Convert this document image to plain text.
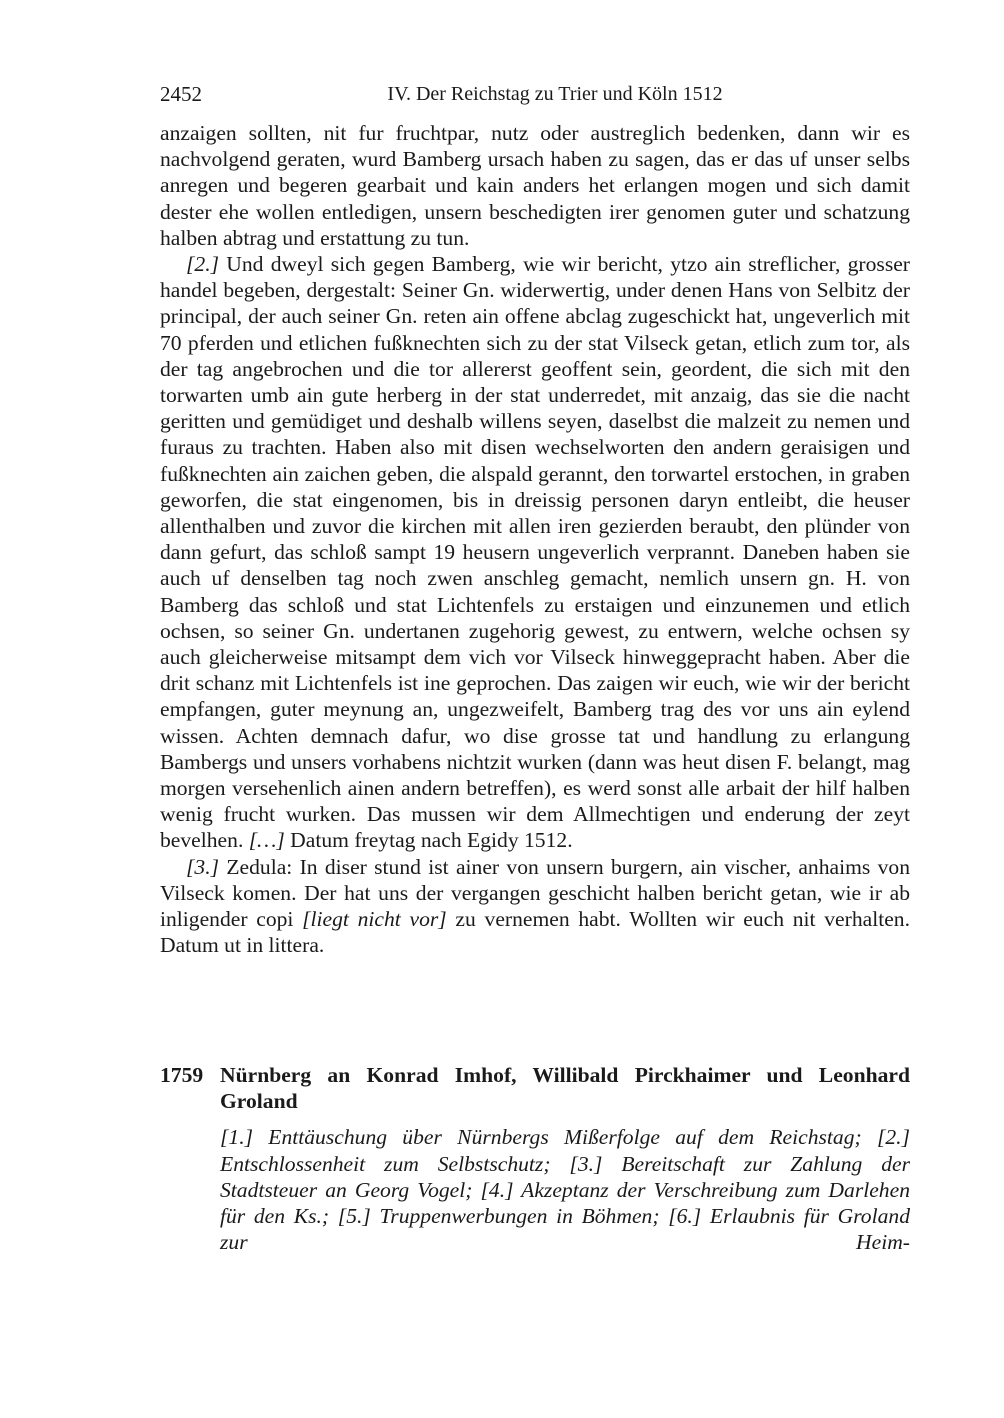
2452	IV. Der Reichstag zu Trier und Köln 1512

anzaigen sollten, nit fur fruchtpar, nutz oder austreglich bedenken, dann wir es nachvolgend geraten, wurd Bamberg ursach haben zu sagen, das er das uf unser selbs anregen und begeren gearbait und kain anders het erlangen mogen und sich damit dester ehe wollen entledigen, unsern beschedigten irer genomen guter und schatzung halben abtrag und erstattung zu tun.

[2.] Und dweyl sich gegen Bamberg, wie wir bericht, ytzo ain streflicher, grosser handel begeben, dergestalt: Seiner Gn. widerwertig, under denen Hans von Selbitz der principal, der auch seiner Gn. reten ain offene abclag zugeschickt hat, ungeverlich mit 70 pferden und etlichen fußknechten sich zu der stat Vilseck getan, etlich zum tor, als der tag angebrochen und die tor allererst geoffent sein, geordent, die sich mit den torwarten umb ain gute herberg in der stat underredet, mit anzaig, das sie die nacht geritten und gemüdiget und deshalb willens seyen, daselbst die malzeit zu nemen und furaus zu trachten. Haben also mit disen wechselworten den andern geraisigen und fußknechten ain zaichen geben, die alspald gerannt, den torwartel erstochen, in graben geworfen, die stat eingenomen, bis in dreissig personen daryn entleibt, die heuser allenthalben und zuvor die kirchen mit allen iren gezierden beraubt, den plünder von dann gefurt, das schloß sampt 19 heusern ungeverlich verprannt. Daneben haben sie auch uf denselben tag noch zwen anschleg gemacht, nemlich unsern gn. H. von Bamberg das schloß und stat Lichtenfels zu erstaigen und einzunemen und etlich ochsen, so seiner Gn. undertanen zugehorig gewest, zu entwern, welche ochsen sy auch gleicherweise mitsampt dem vich vor Vilseck hinweggepracht haben. Aber die drit schanz mit Lichtenfels ist ine geprochen. Das zaigen wir euch, wie wir der bericht empfangen, guter meynung an, ungezweifelt, Bamberg trag des vor uns ain eylend wissen. Achten demnach dafur, wo dise grosse tat und handlung zu erlangung Bambergs und unsers vorhabens nichtzit wurken (dann was heut disen F. belangt, mag morgen versehenlich ainen andern betreffen), es werd sonst alle arbait der hilf halben wenig frucht wurken. Das mussen wir dem Allmechtigen und enderung der zeyt bevelhen. […] Datum freytag nach Egidy 1512.

[3.] Zedula: In diser stund ist ainer von unsern burgern, ain vischer, anhaims von Vilseck komen. Der hat uns der vergangen geschicht halben bericht getan, wie ir ab inligender copi [liegt nicht vor] zu vernemen habt. Wollten wir euch nit verhalten. Datum ut in littera.

1759 Nürnberg an Konrad Imhof, Willibald Pirckhaimer und Leonhard Groland
[1.] Enttäuschung über Nürnbergs Mißerfolge auf dem Reichstag; [2.] Entschlossenheit zum Selbstschutz; [3.] Bereitschaft zur Zahlung der Stadtsteuer an Georg Vogel; [4.] Akzeptanz der Verschreibung zum Darlehen für den Ks.; [5.] Truppenwerbungen in Böhmen; [6.] Erlaubnis für Groland zur Heim-
